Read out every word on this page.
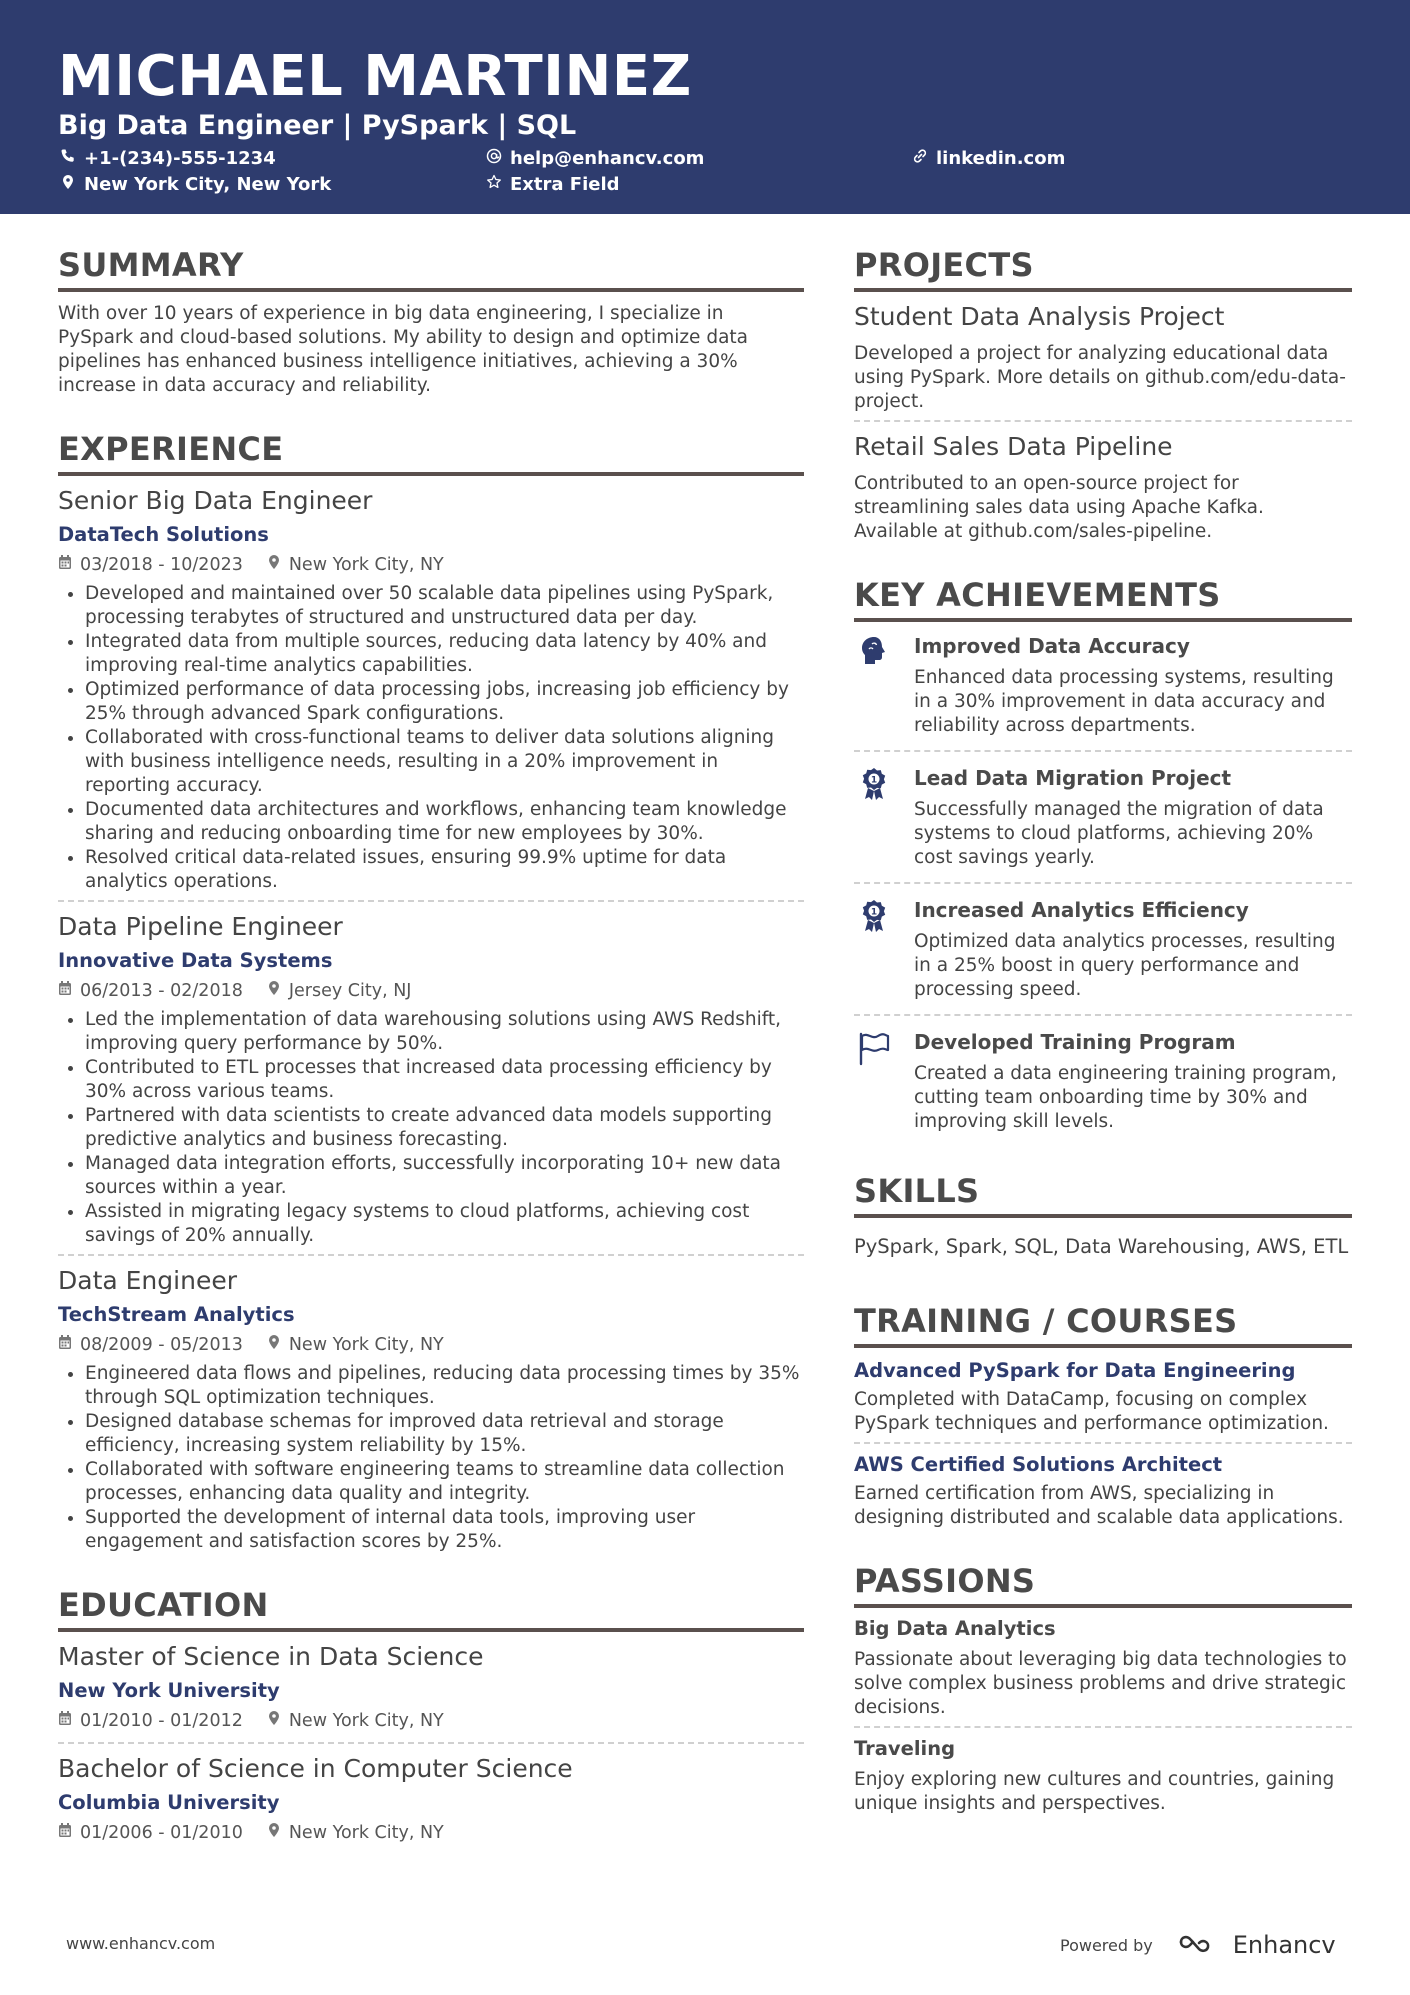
MICHAEL MARTINEZ
Big Data Engineer | PySpark | SQL
+1-(234)-555-1234	help@enhancv.com	linkedin.com
New York City, New York	Extra Field
SUMMARY
With over 10 years of experience in big data engineering, I specialize in PySpark and cloud-based solutions. My ability to design and optimize data pipelines has enhanced business intelligence initiatives, achieving a 30% increase in data accuracy and reliability.
EXPERIENCE
Senior Big Data Engineer
DataTech Solutions
03/2018 - 10/2023	New York City, NY
Developed and maintained over 50 scalable data pipelines using PySpark, processing terabytes of structured and unstructured data per day.
Integrated data from multiple sources, reducing data latency by 40% and improving real-time analytics capabilities.
Optimized performance of data processing jobs, increasing job efficiency by 25% through advanced Spark configurations.
Collaborated with cross-functional teams to deliver data solutions aligning with business intelligence needs, resulting in a 20% improvement in reporting accuracy.
Documented data architectures and workflows, enhancing team knowledge sharing and reducing onboarding time for new employees by 30%.
Resolved critical data-related issues, ensuring 99.9% uptime for data analytics operations.
Data Pipeline Engineer
Innovative Data Systems
06/2013 - 02/2018	Jersey City, NJ
Led the implementation of data warehousing solutions using AWS Redshift, improving query performance by 50%.
Contributed to ETL processes that increased data processing efficiency by 30% across various teams.
Partnered with data scientists to create advanced data models supporting predictive analytics and business forecasting.
Managed data integration efforts, successfully incorporating 10+ new data sources within a year.
Assisted in migrating legacy systems to cloud platforms, achieving cost savings of 20% annually.
Data Engineer
TechStream Analytics
08/2009 - 05/2013	New York City, NY
Engineered data flows and pipelines, reducing data processing times by 35% through SQL optimization techniques.
Designed database schemas for improved data retrieval and storage efficiency, increasing system reliability by 15%.
Collaborated with software engineering teams to streamline data collection processes, enhancing data quality and integrity.
Supported the development of internal data tools, improving user engagement and satisfaction scores by 25%.
EDUCATION
Master of Science in Data Science
New York University
01/2010 - 01/2012	New York City, NY
Bachelor of Science in Computer Science
Columbia University
01/2006 - 01/2010	New York City, NY
PROJECTS
Student Data Analysis Project
Developed a project for analyzing educational data using PySpark. More details on github.com/edu-data-project.
Retail Sales Data Pipeline
Contributed to an open-source project for streamlining sales data using Apache Kafka. Available at github.com/sales-pipeline.
KEY ACHIEVEMENTS
Improved Data Accuracy
Enhanced data processing systems, resulting in a 30% improvement in data accuracy and reliability across departments.
1 Lead Data Migration Project
Successfully managed the migration of data systems to cloud platforms, achieving 20% cost savings yearly.
1 Increased Analytics Efficiency
Optimized data analytics processes, resulting in a 25% boost in query performance and processing speed.
Developed Training Program
Created a data engineering training program, cutting team onboarding time by 30% and improving skill levels.
SKILLS
PySpark, Spark, SQL, Data Warehousing, AWS, ETL
TRAINING / COURSES
Advanced PySpark for Data Engineering
Completed with DataCamp, focusing on complex PySpark techniques and performance optimization.
AWS Certified Solutions Architect
Earned certification from AWS, specializing in designing distributed and scalable data applications.
PASSIONS
Big Data Analytics
Passionate about leveraging big data technologies to solve complex business problems and drive strategic decisions.
Traveling
Enjoy exploring new cultures and countries, gaining unique insights and perspectives.
www.enhancv.com	Powered by	Enhancv
